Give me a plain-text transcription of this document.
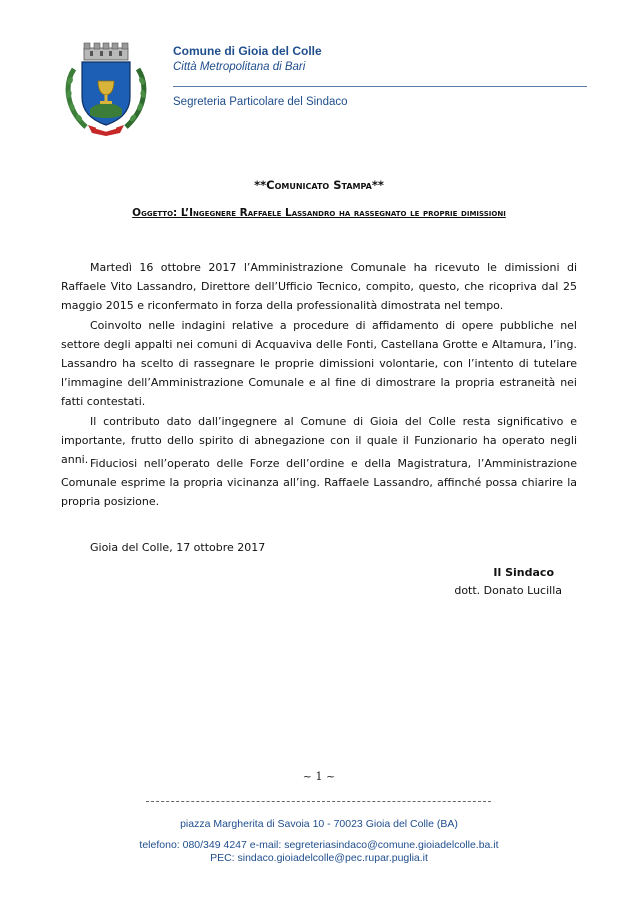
Comune di Gioia del Colle
Città Metropolitana di Bari
Segreteria Particolare del Sindaco
**Comunicato Stampa**
Oggetto: L’Ingegnere Raffaele Lassandro ha rassegnato le proprie dimissioni

Martedì 16 ottobre 2017 l’Amministrazione Comunale ha ricevuto le dimissioni di Raffaele Vito Lassandro, Direttore dell’Ufficio Tecnico, compito, questo, che ricopriva dal 25 maggio 2015 e riconfermato in forza della professionalità dimostrata nel tempo.

Coinvolto nelle indagini relative a procedure di affidamento di opere pubbliche nel settore degli appalti nei comuni di Acquaviva delle Fonti, Castellana Grotte e Altamura, l’ing. Lassandro ha scelto di rassegnare le proprie dimissioni volontarie, con l’intento di tutelare l’immagine dell’Amministrazione Comunale e al fine di dimostrare la propria estraneità nei fatti contestati.

Il contributo dato dall’ingegnere al Comune di Gioia del Colle resta significativo e importante, frutto dello spirito di abnegazione con il quale il Funzionario ha operato negli anni. Fiduciosi nell’operato delle Forze dell’ordine e della Magistratura, l’Amministrazione Comunale esprime la propria vicinanza all’ing. Raffaele Lassandro, affinché possa chiarire la propria posizione.

Gioia del Colle, 17 ottobre 2017
Il Sindaco
dott. Donato Lucilla
~ 1 ~
piazza Margherita di Savoia 10 - 70023 Gioia del Colle (BA)
telefono: 080/349 4247 e-mail: segreteriasindaco@comune.gioiadelcolle.ba.it
PEC: sindaco.gioiadelcolle@pec.rupar.puglia.it
